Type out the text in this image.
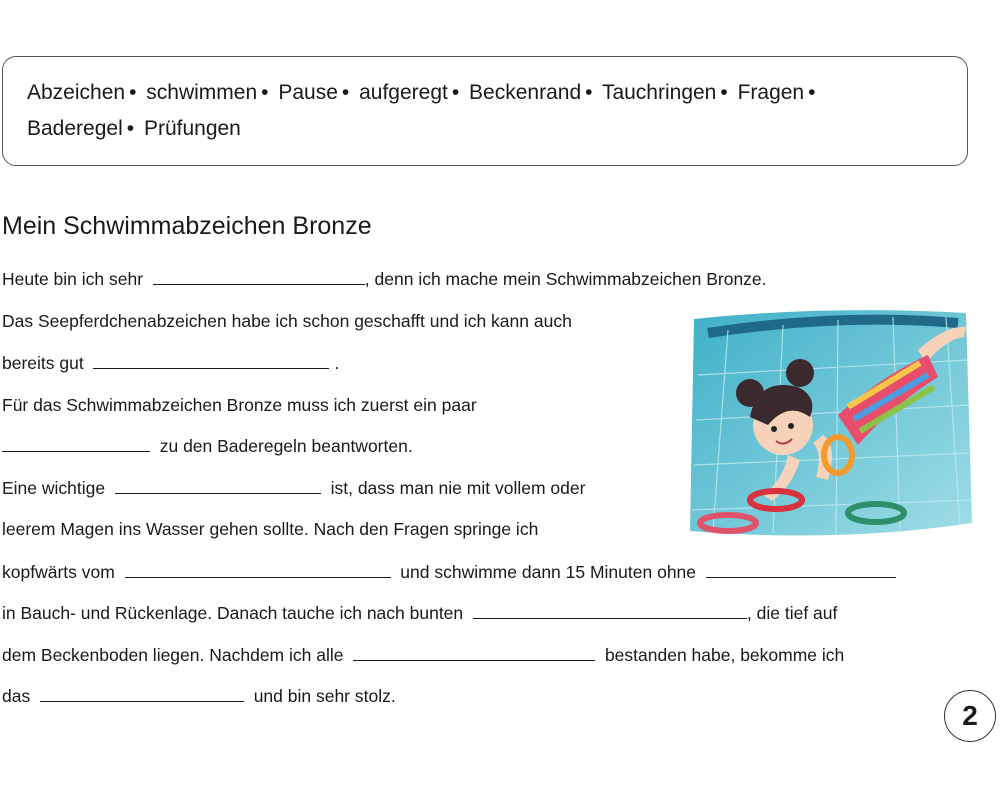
Abzeichen • schwimmen • Pause • aufgeregt • Beckenrand • Tauchringen • Fragen •
Baderegel • Prüfungen
Mein Schwimmabzeichen Bronze
Heute bin ich sehr	, denn ich mache mein Schwimmabzeichen Bronze.
Das Seepferdchenabzeichen habe ich schon geschafft und ich kann auch
bereits gut	.
Für das Schwimmabzeichen Bronze muss ich zuerst ein paar
zu den Baderegeln beantworten.
Eine wichtige	ist, dass man nie mit vollem oder
leerem Magen ins Wasser gehen sollte. Nach den Fragen springe ich
kopfwärts vom	und schwimme dann 15 Minuten ohne
in Bauch- und Rückenlage. Danach tauche ich nach bunten	, die tief auf
dem Beckenboden liegen. Nachdem ich alle	bestanden habe, bekomme ich
das	und bin sehr stolz.
2
